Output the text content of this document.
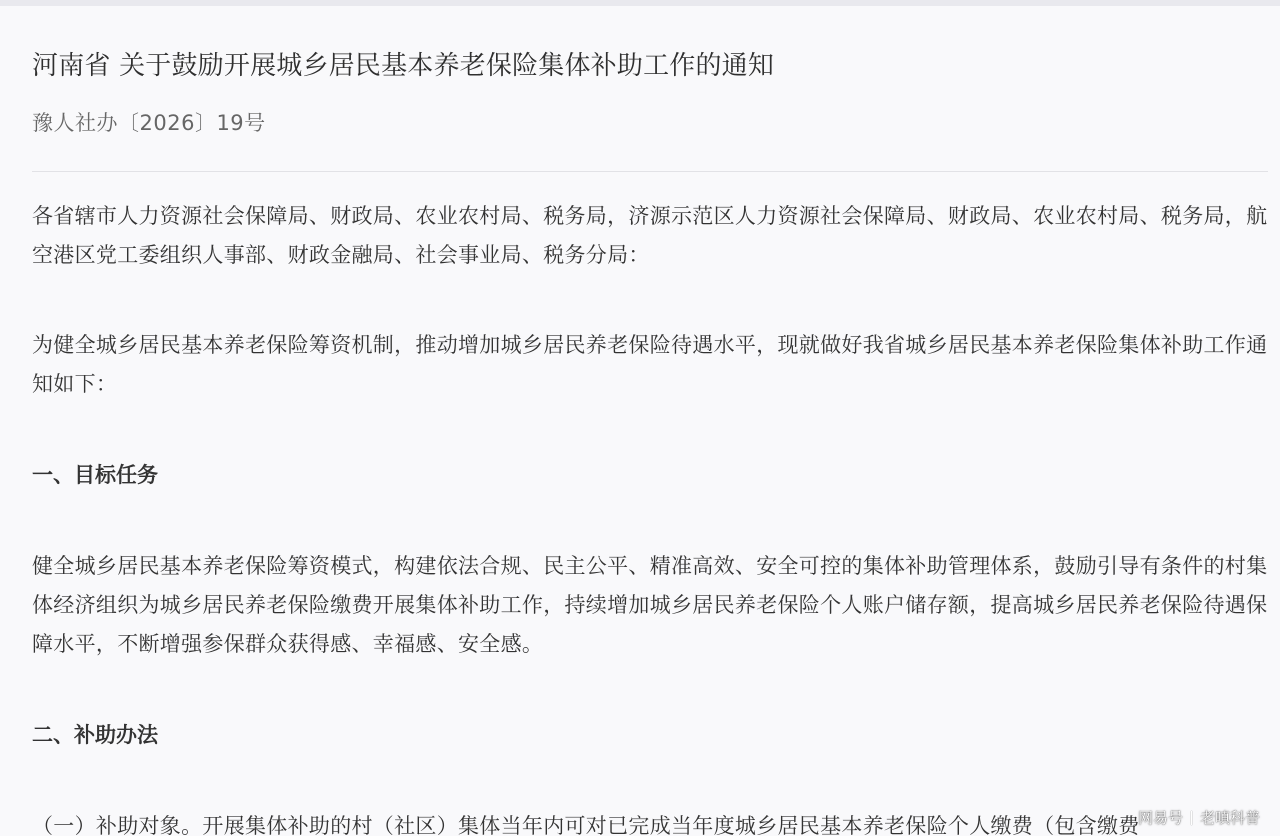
河南省 关于鼓励开展城乡居民基本养老保险集体补助工作的通知
豫人社办〔2026〕19号

各省辖市人力资源社会保障局、财政局、农业农村局、税务局，济源示范区人力资源社会保障局、财政局、农业农村局、税务局，航空港区党工委组织人事部、财政金融局、社会事业局、税务分局：

为健全城乡居民基本养老保险筹资机制，推动增加城乡居民养老保险待遇水平，现就做好我省城乡居民基本养老保险集体补助工作通知如下：

一、目标任务

健全城乡居民基本养老保险筹资模式，构建依法合规、民主公平、精准高效、安全可控的集体补助管理体系，鼓励引导有条件的村集体经济组织为城乡居民养老保险缴费开展集体补助工作，持续增加城乡居民养老保险个人账户储存额，提高城乡居民养老保险待遇保障水平，不断增强参保群众获得感、幸福感、安全感。

二、补助办法

（一）补助对象。开展集体补助的村（社区）集体当年内可对已完成当年度城乡居民基本养老保险个人缴费（包含缴费

网易号 老嗔科普
